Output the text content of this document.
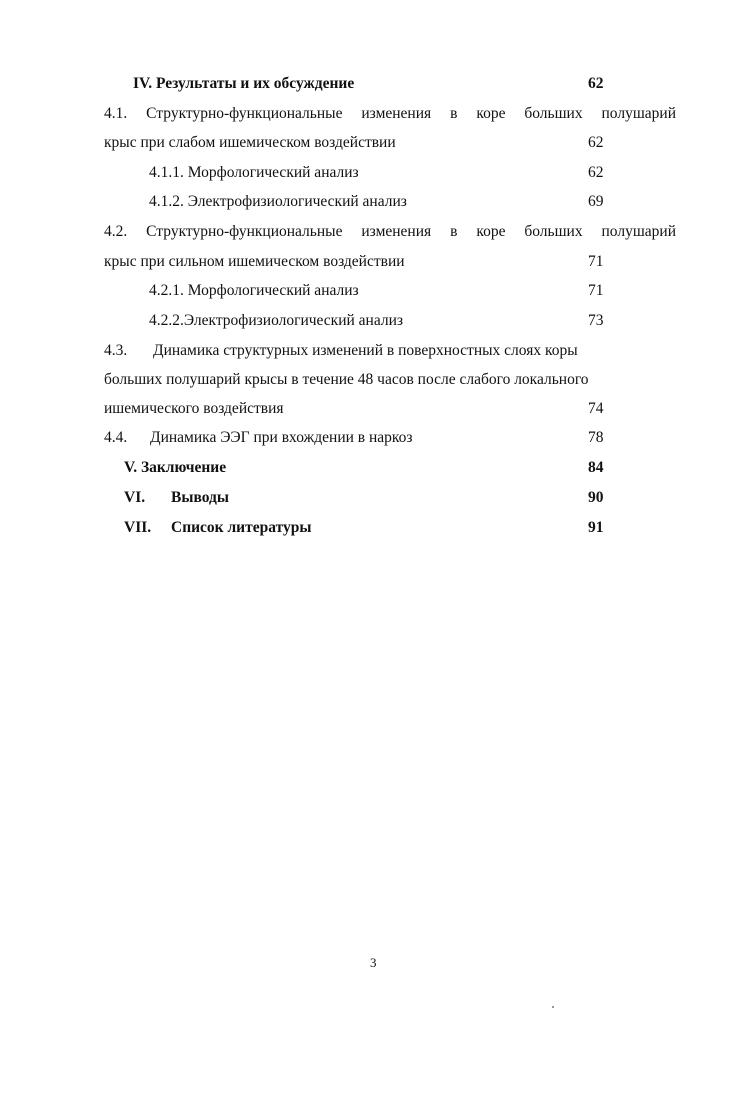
IV. Результаты и их обсуждение	62
4.1. Структурно-функциональные изменения в коре больших полушарий
крыс при слабом ишемическом воздействии	62
4.1.1. Морфологический анализ	62
4.1.2. Электрофизиологический анализ	69
4.2. Структурно-функциональные изменения в коре больших полушарий
крыс при сильном ишемическом воздействии	71
4.2.1. Морфологический анализ	71
4.2.2.Электрофизиологический анализ	73
4.3. Динамика структурных изменений в поверхностных слоях коры
больших полушарий крысы в течение 48 часов после слабого локального
ишемического воздействия	74
4.4. Динамика ЭЭГ при вхождении в наркоз	78
V. Заключение	84
VI. Выводы	90
VII. Список литературы	91
3
